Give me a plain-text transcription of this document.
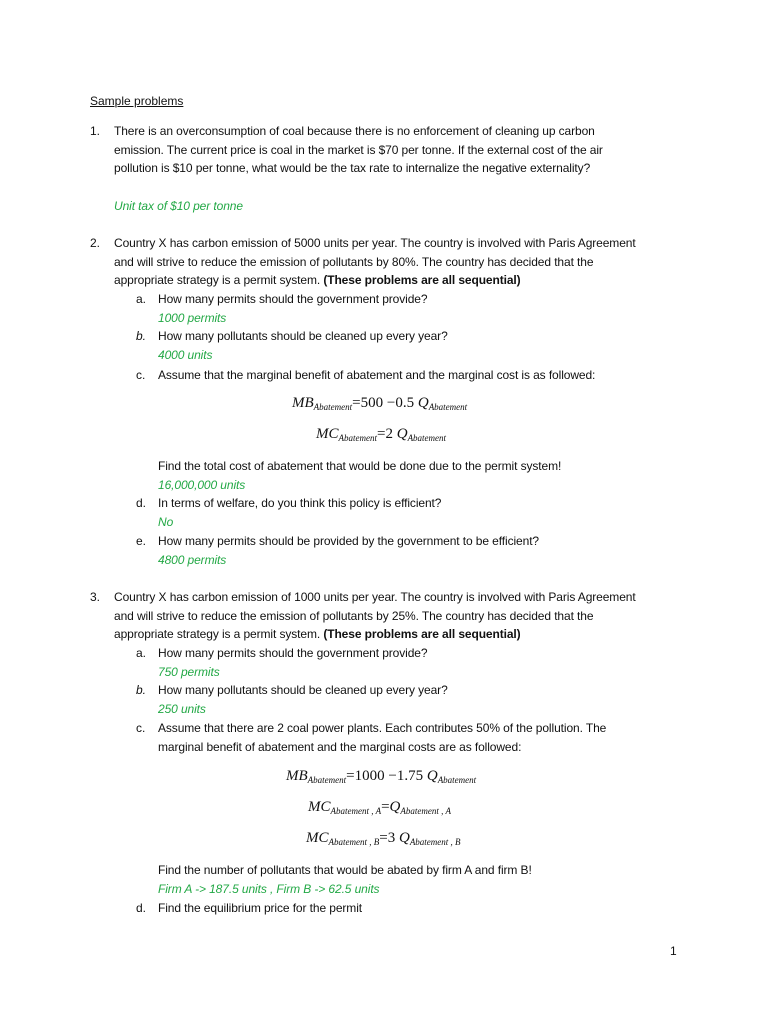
Sample problems
1. There is an overconsumption of coal because there is no enforcement of cleaning up carbon
emission. The current price is coal in the market is $70 per tonne. If the external cost of the air
pollution is $10 per tonne, what would be the tax rate to internalize the negative externality?
Unit tax of $10 per tonne
2. Country X has carbon emission of 5000 units per year. The country is involved with Paris Agreement
and will strive to reduce the emission of pollutants by 80%. The country has decided that the
appropriate strategy is a permit system. (These problems are all sequential)
a. How many permits should the government provide?
1000 permits
b. How many pollutants should be cleaned up every year?
4000 units
c. Assume that the marginal benefit of abatement and the marginal cost is as followed:
$MB_{Abatement}=500 -0.5$ $Q_{Abatement}$
$MC_{Abatement}=2$ $Q_{Abatement}$
Find the total cost of abatement that would be done due to the permit system!
16,000,000 units
d. In terms of welfare, do you think this policy is efficient?
No
e. How many permits should be provided by the government to be efficient?
4800 permits
3. Country X has carbon emission of 1000 units per year. The country is involved with Paris Agreement
and will strive to reduce the emission of pollutants by 25%. The country has decided that the
appropriate strategy is a permit system. (These problems are all sequential)
a. How many permits should the government provide?
750 permits
b. How many pollutants should be cleaned up every year?
250 units
c. Assume that there are 2 coal power plants. Each contributes 50% of the pollution. The
marginal benefit of abatement and the marginal costs are as followed:
$MB_{Abatement}=1000 -1.75$ $Q_{Abatement}$
$MC_{Abatement , A}=Q_{Abatement , A}$
$MC_{Abatement , B}=3$ $Q_{Abatement , B}$
Find the number of pollutants that would be abated by firm A and firm B!
Firm A -> 187.5 units , Firm B -> 62.5 units
d. Find the equilibrium price for the permit
1
